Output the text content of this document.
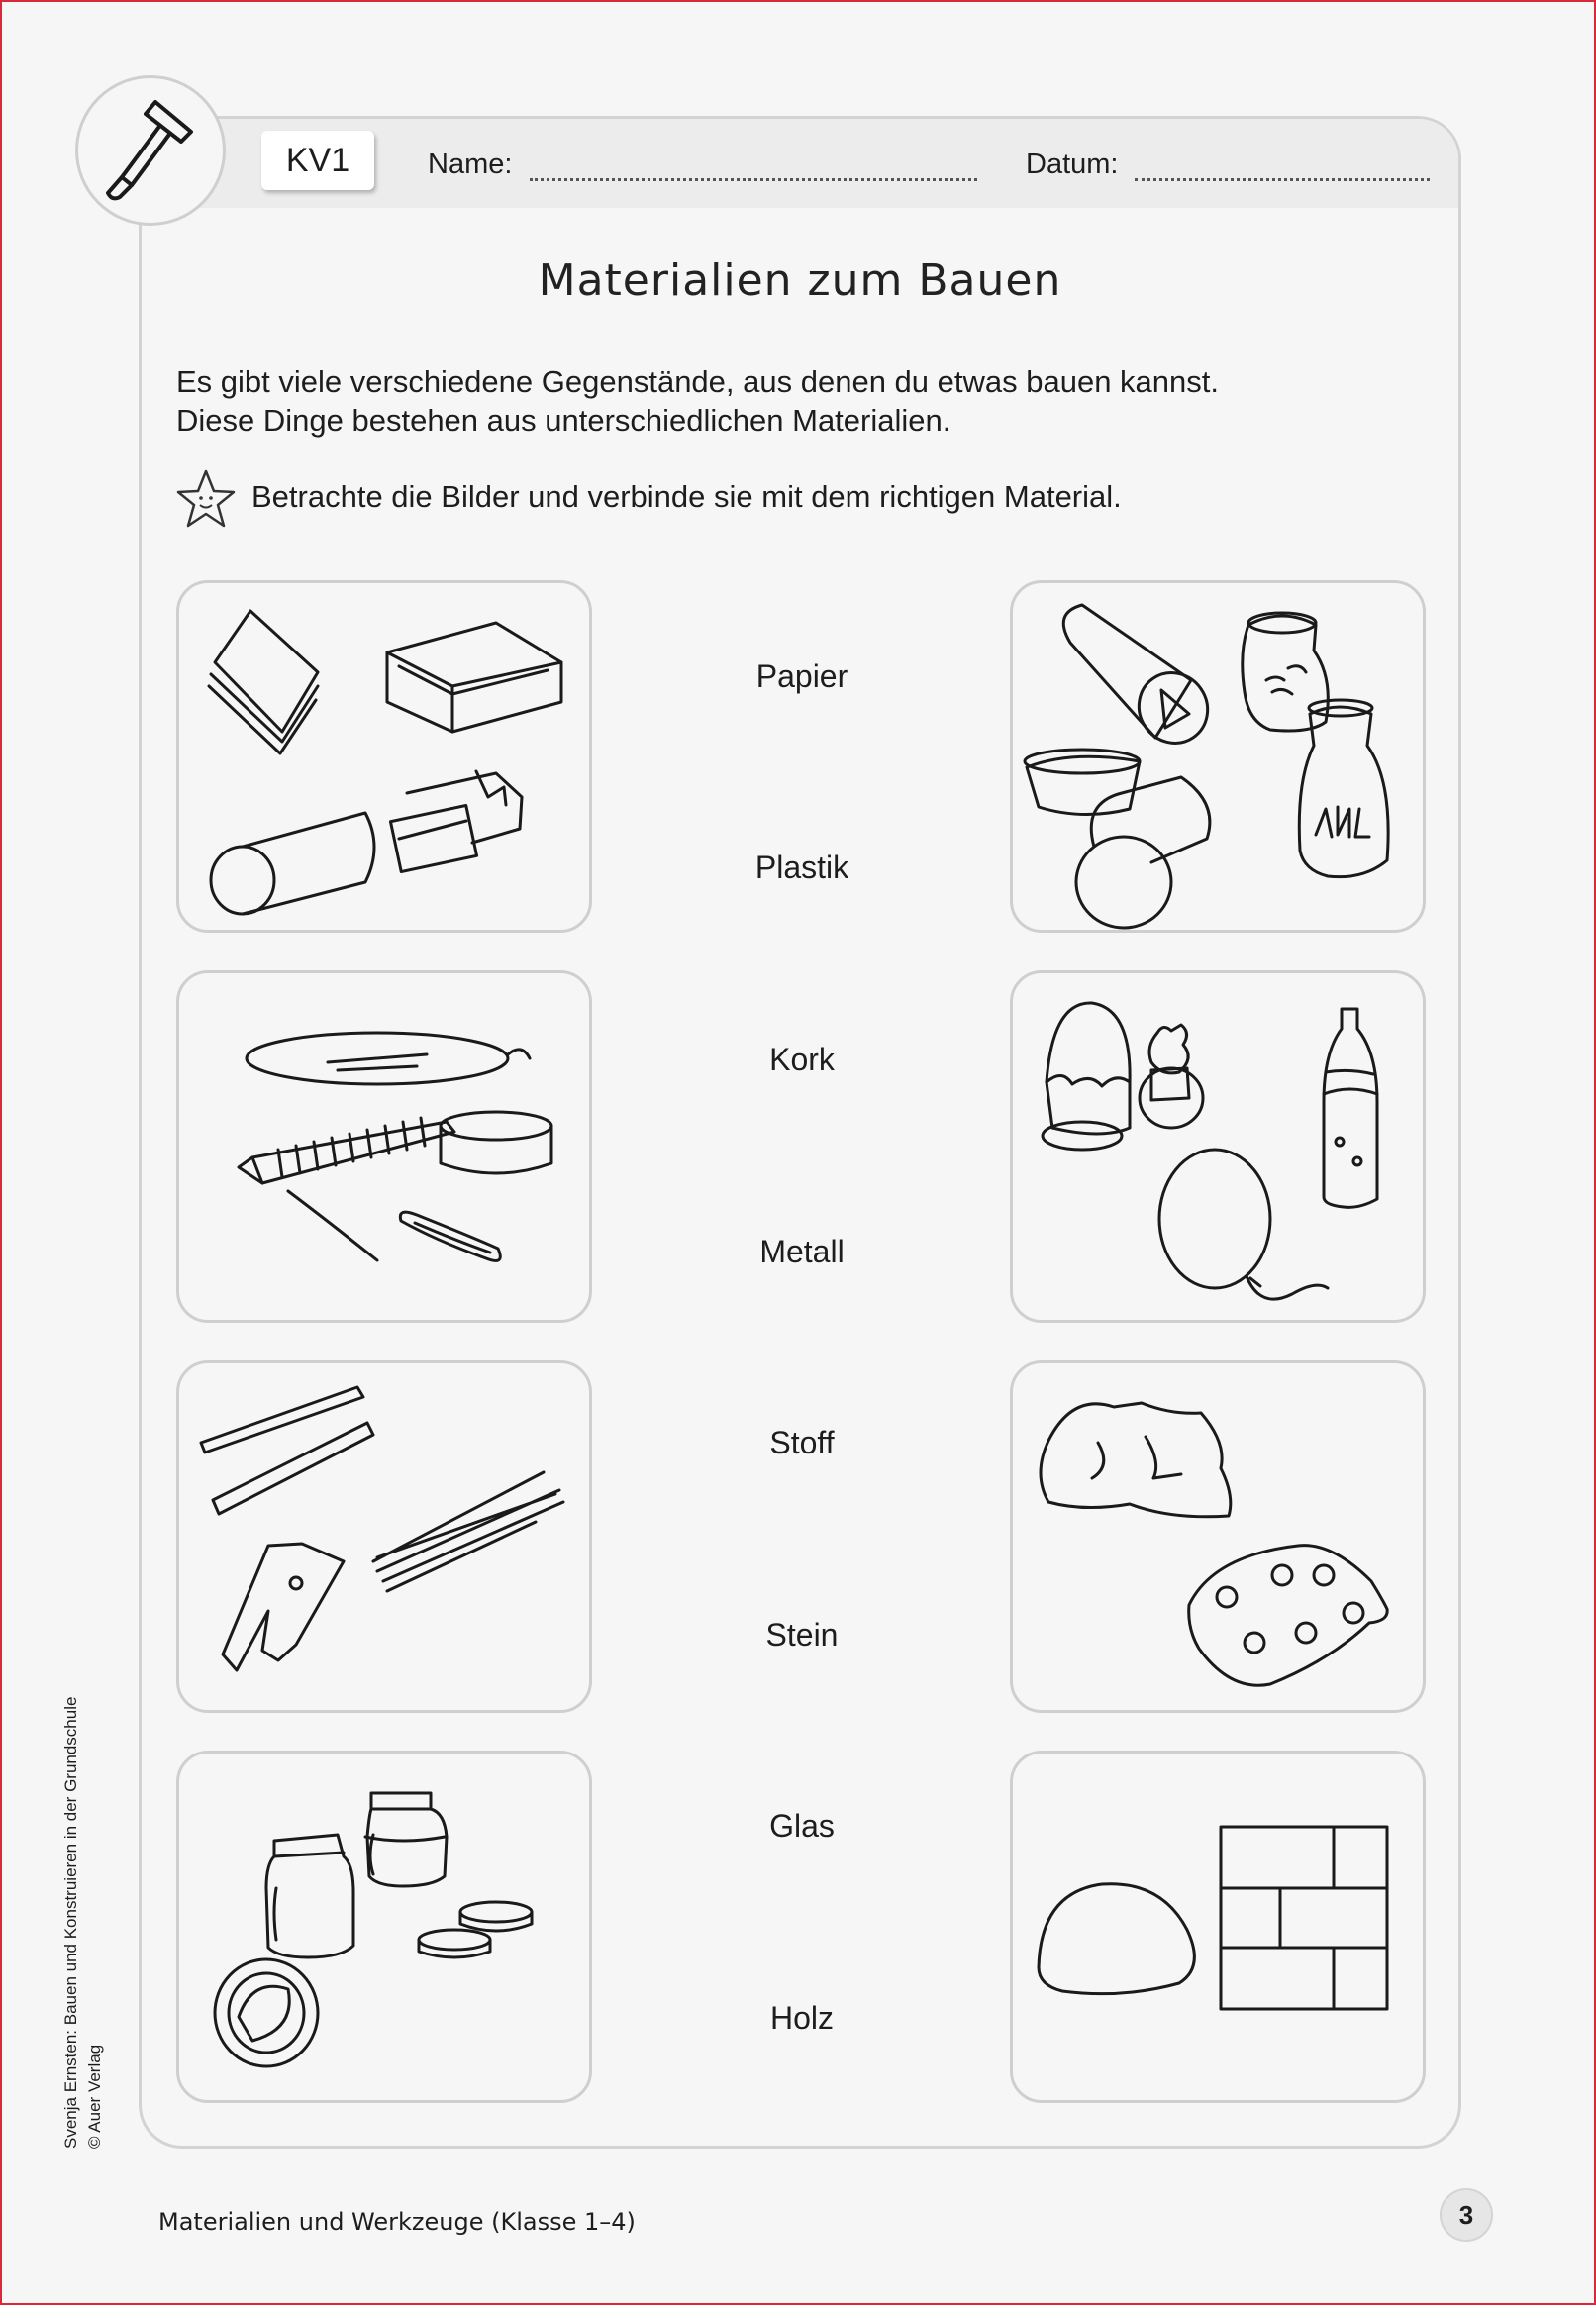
KV1	Name:	Datum:
Materialien zum Bauen
Es gibt viele verschiedene Gegenstände, aus denen du etwas bauen kannst.
Diese Dinge bestehen aus unterschiedlichen Materialien.
Betrachte die Bilder und verbinde sie mit dem richtigen Material.
Papier
Plastik
Kork
Metall
Stoff
Stein
Glas
Holz
Svenja Ernsten: Bauen und Konstruieren in der Grundschule © Auer Verlag
Materialien und Werkzeuge (Klasse 1–4)	3
